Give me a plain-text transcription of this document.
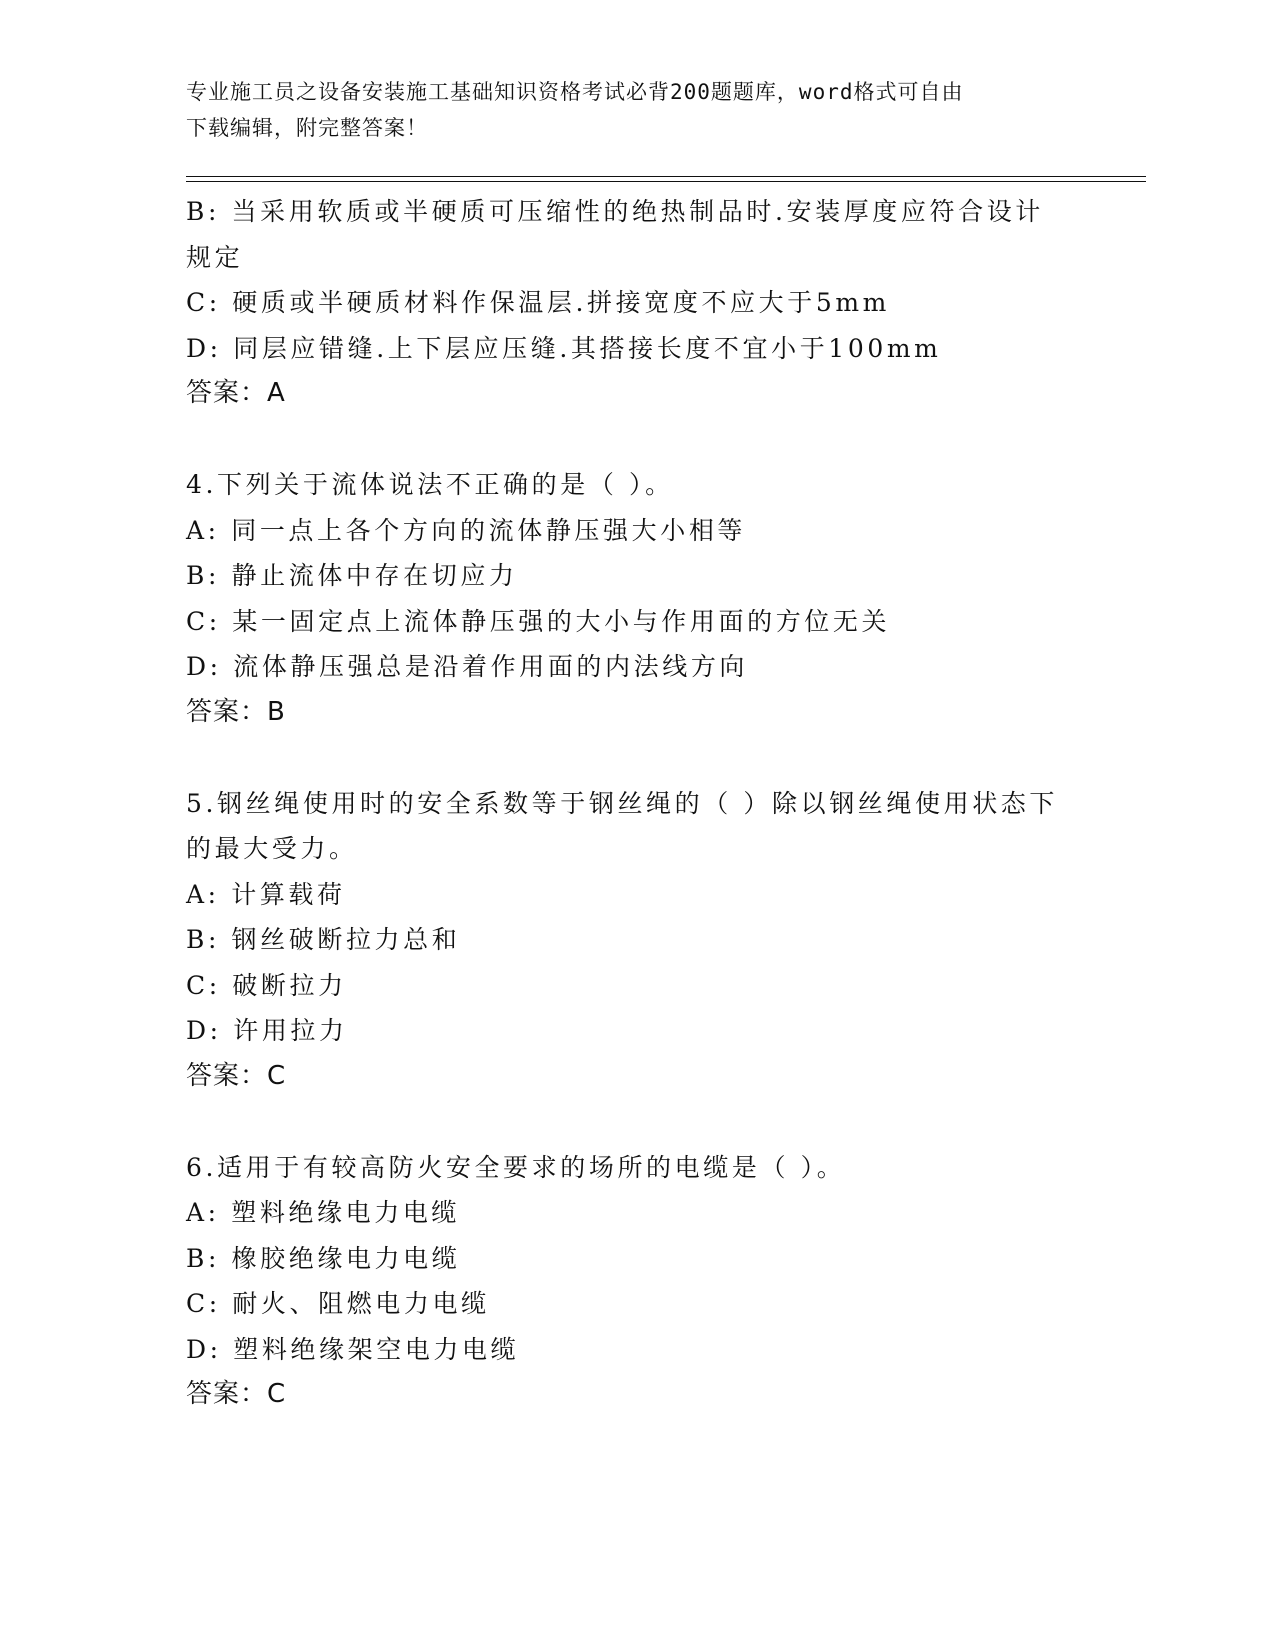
专业施工员之设备安装施工基础知识资格考试必背200题题库，word格式可自由
下载编辑，附完整答案！
B: 当采用软质或半硬质可压缩性的绝热制品时.安装厚度应符合设计
规定
C: 硬质或半硬质材料作保温层.拼接宽度不应大于5mm
D: 同层应错缝.上下层应压缝.其搭接长度不宜小于100mm
答案：A
4.下列关于流体说法不正确的是（ ）。
A: 同一点上各个方向的流体静压强大小相等
B: 静止流体中存在切应力
C: 某一固定点上流体静压强的大小与作用面的方位无关
D: 流体静压强总是沿着作用面的内法线方向
答案：B
5.钢丝绳使用时的安全系数等于钢丝绳的（ ）除以钢丝绳使用状态下
的最大受力。
A: 计算载荷
B: 钢丝破断拉力总和
C: 破断拉力
D: 许用拉力
答案：C
6.适用于有较高防火安全要求的场所的电缆是（ ）。
A: 塑料绝缘电力电缆
B: 橡胶绝缘电力电缆
C: 耐火、阻燃电力电缆
D: 塑料绝缘架空电力电缆
答案：C
